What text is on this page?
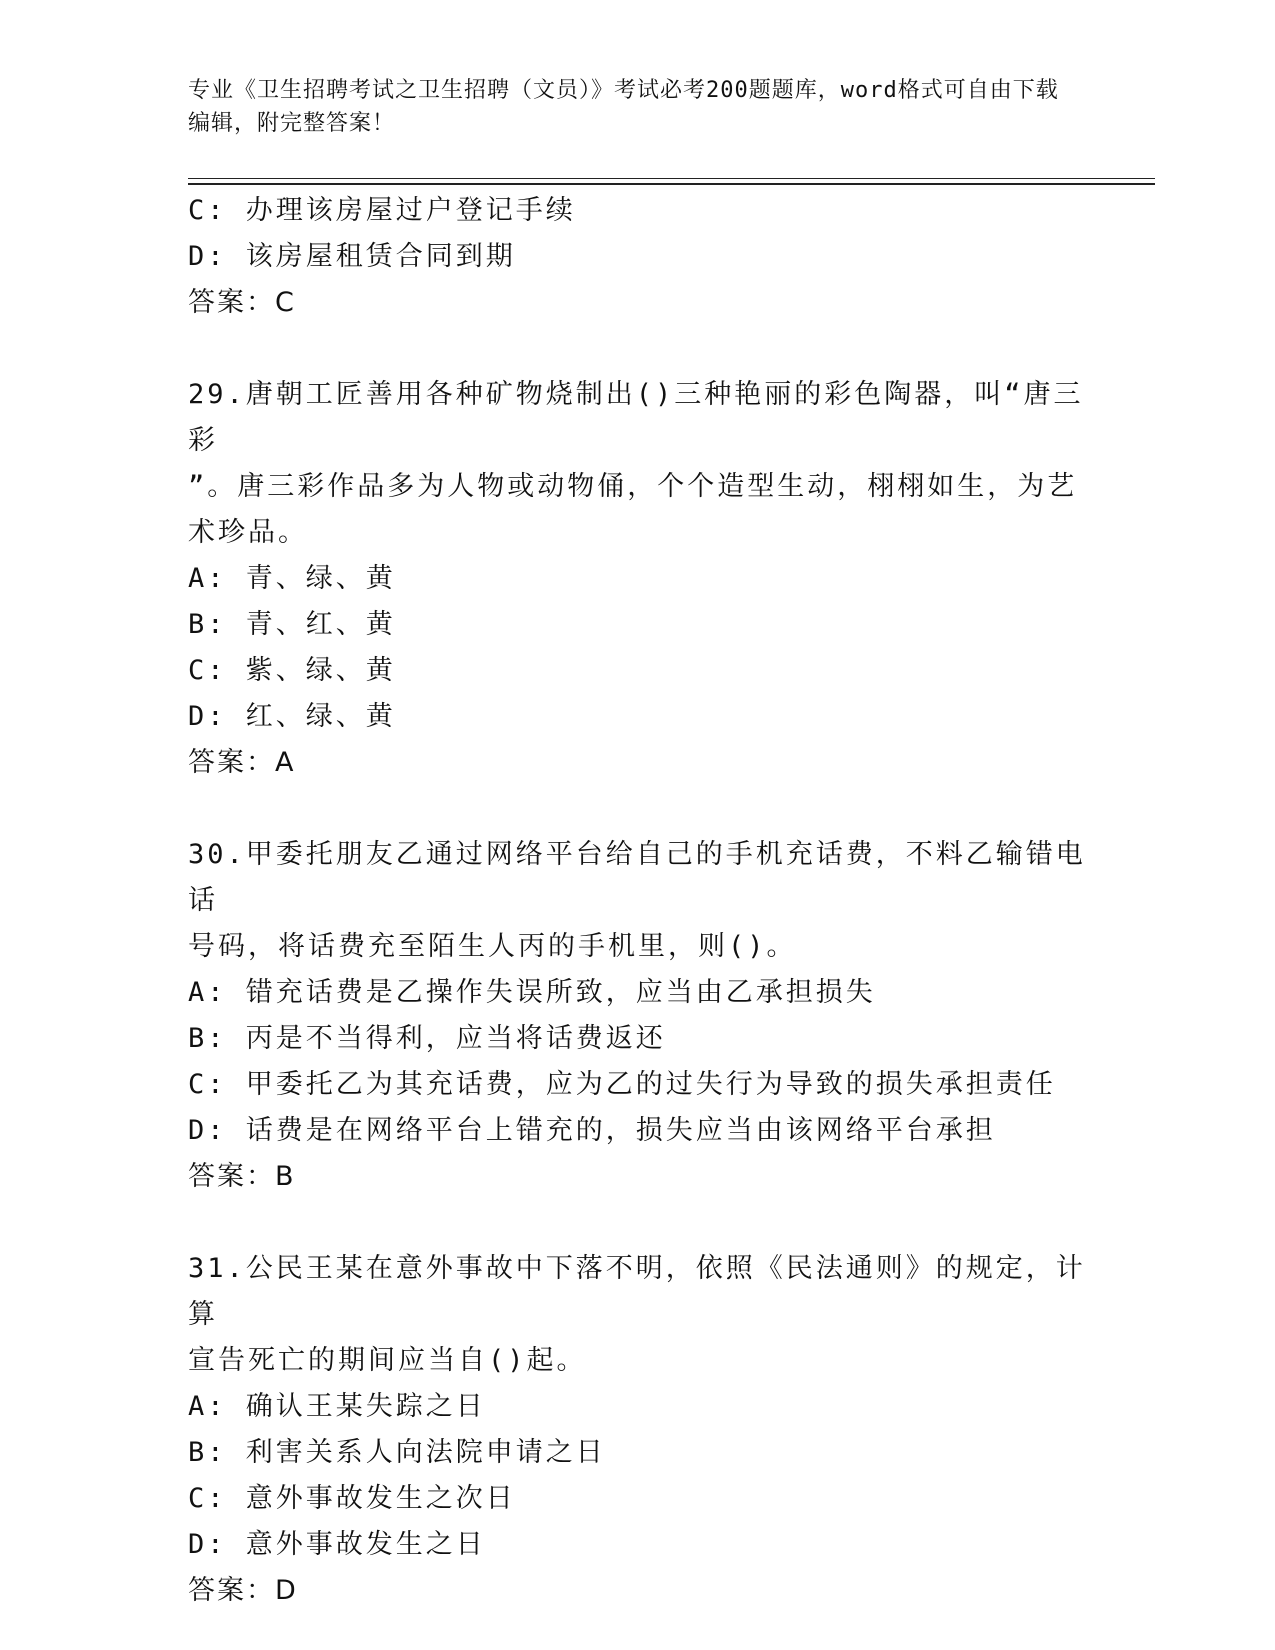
专业《卫生招聘考试之卫生招聘（文员）》考试必考200题题库，word格式可自由下载编辑，附完整答案！
C: 办理该房屋过户登记手续
D: 该房屋租赁合同到期
答案：C
29.唐朝工匠善用各种矿物烧制出()三种艳丽的彩色陶器，叫“唐三彩
”。唐三彩作品多为人物或动物俑，个个造型生动，栩栩如生，为艺
术珍品。
A: 青、绿、黄
B: 青、红、黄
C: 紫、绿、黄
D: 红、绿、黄
答案：A
30.甲委托朋友乙通过网络平台给自己的手机充话费，不料乙输错电话
号码，将话费充至陌生人丙的手机里，则()。
A: 错充话费是乙操作失误所致，应当由乙承担损失
B: 丙是不当得利，应当将话费返还
C: 甲委托乙为其充话费，应为乙的过失行为导致的损失承担责任
D: 话费是在网络平台上错充的，损失应当由该网络平台承担
答案：B
31.公民王某在意外事故中下落不明，依照《民法通则》的规定，计算
宣告死亡的期间应当自()起。
A: 确认王某失踪之日
B: 利害关系人向法院申请之日
C: 意外事故发生之次日
D: 意外事故发生之日
答案：D
